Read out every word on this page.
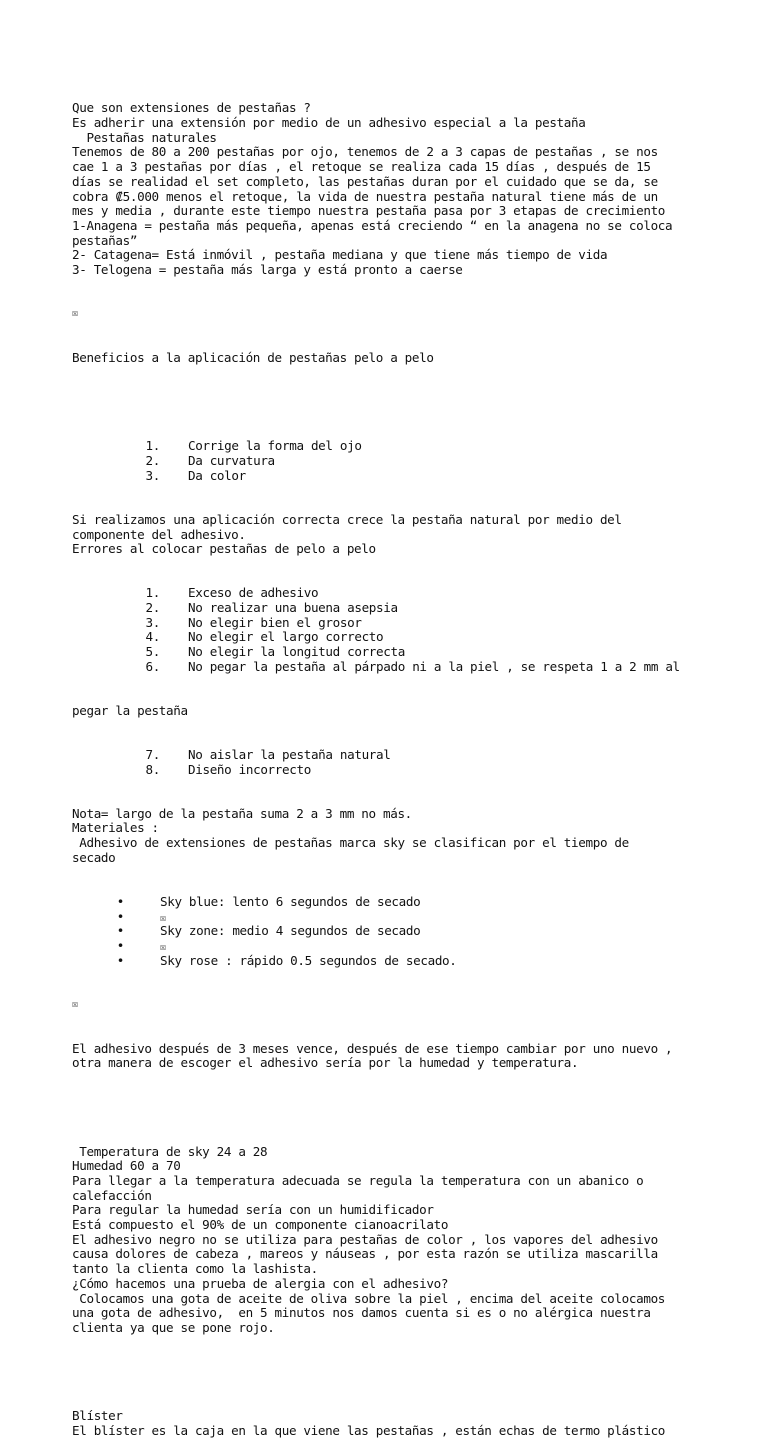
Que son extensiones de pestañas ?
Es adherir una extensión por medio de un adhesivo especial a la pestaña
Pestañas naturales
Tenemos de 80 a 200 pestañas por ojo, tenemos de 2 a 3 capas de pestañas , se nos
cae 1 a 3 pestañas por días , el retoque se realiza cada 15 días , después de 15
días se realidad el set completo, las pestañas duran por el cuidado que se da, se
cobra ₡5.000 menos el retoque, la vida de nuestra pestaña natural tiene más de un
mes y media , durante este tiempo nuestra pestaña pasa por 3 etapas de crecimiento
1-Anagena = pestaña más pequeña, apenas está creciendo “ en la anagena no se coloca
pestañas”
2- Catagena= Está inmóvil , pestaña mediana y que tiene más tiempo de vida
3- Telogena = pestaña más larga y está pronto a caerse

☒

Beneficios a la aplicación de pestañas pelo a pelo

1. Corrige la forma del ojo
2. Da curvatura
3. Da color

Si realizamos una aplicación correcta crece la pestaña natural por medio del
componente del adhesivo.
Errores al colocar pestañas de pelo a pelo

1. Exceso de adhesivo
2. No realizar una buena asepsia
3. No elegir bien el grosor
4. No elegir el largo correcto
5. No elegir la longitud correcta
6. No pegar la pestaña al párpado ni a la piel , se respeta 1 a 2 mm al

pegar la pestaña

7. No aislar la pestaña natural
8. Diseño incorrecto

Nota= largo de la pestaña suma 2 a 3 mm no más.
Materiales :
Adhesivo de extensiones de pestañas marca sky se clasifican por el tiempo de
secado

•	Sky blue: lento 6 segundos de secado
•	☒
•	Sky zone: medio 4 segundos de secado
•	☒
•	Sky rose : rápido 0.5 segundos de secado.

☒

El adhesivo después de 3 meses vence, después de ese tiempo cambiar por uno nuevo ,
otra manera de escoger el adhesivo sería por la humedad y temperatura.

Temperatura de sky 24 a 28
Humedad 60 a 70
Para llegar a la temperatura adecuada se regula la temperatura con un abanico o
calefacción
Para regular la humedad sería con un humidificador
Está compuesto el 90% de un componente cianoacrilato
El adhesivo negro no se utiliza para pestañas de color , los vapores del adhesivo
causa dolores de cabeza , mareos y náuseas , por esta razón se utiliza mascarilla
tanto la clienta como la lashista.
¿Cómo hacemos una prueba de alergia con el adhesivo?
Colocamos una gota de aceite de oliva sobre la piel , encima del aceite colocamos
una gota de adhesivo,  en 5 minutos nos damos cuenta si es o no alérgica nuestra
clienta ya que se pone rojo.

Blíster
El blíster es la caja en la que viene las pestañas , están echas de termo plástico
